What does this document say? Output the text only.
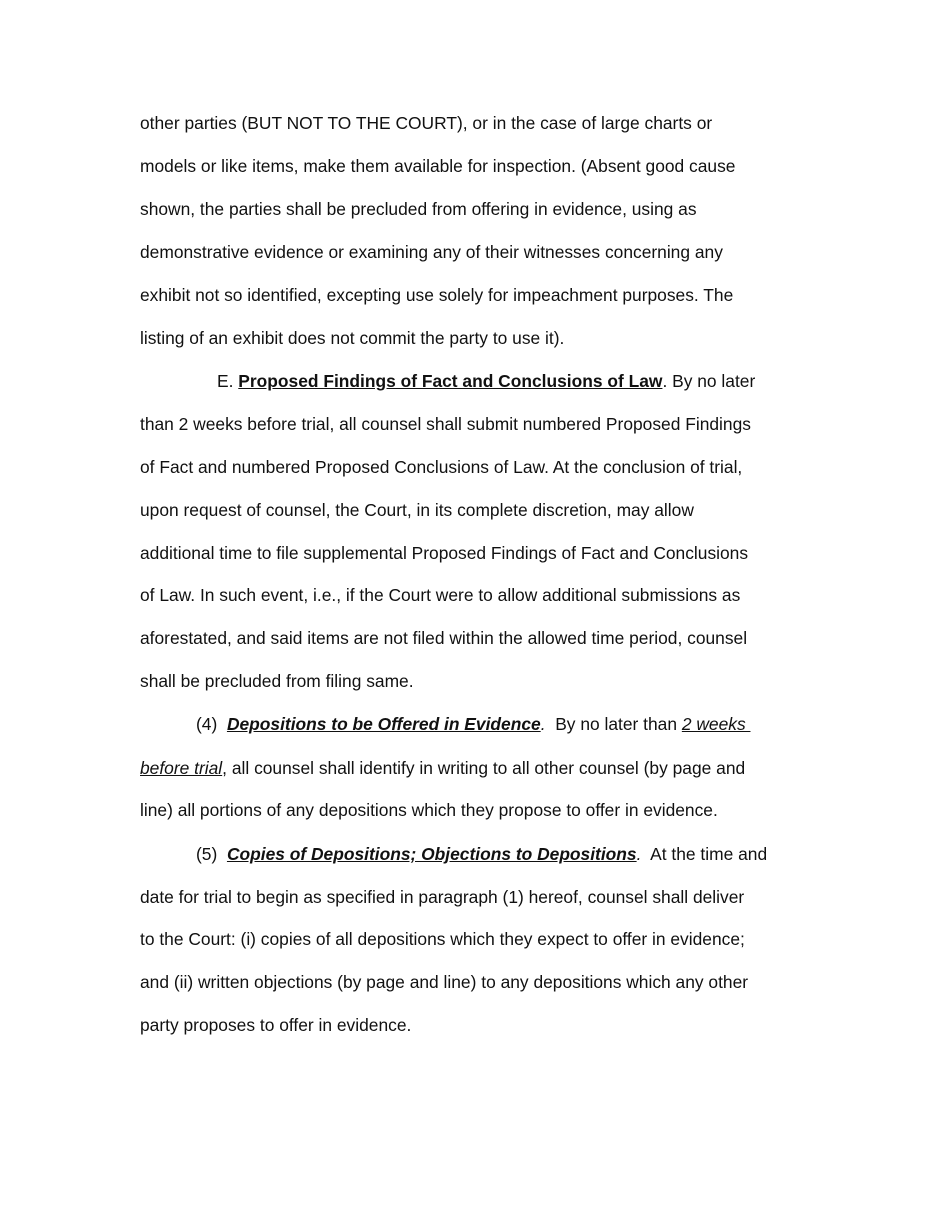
other parties (BUT NOT TO THE COURT), or in the case of large charts or
models or like items, make them available for inspection. (Absent good cause
shown, the parties shall be precluded from offering in evidence, using as
demonstrative evidence or examining any of their witnesses concerning any
exhibit not so identified, excepting use solely for impeachment purposes. The
listing of an exhibit does not commit the party to use it).
E. Proposed Findings of Fact and Conclusions of Law. By no later
than 2 weeks before trial, all counsel shall submit numbered Proposed Findings
of Fact and numbered Proposed Conclusions of Law. At the conclusion of trial,
upon request of counsel, the Court, in its complete discretion, may allow
additional time to file supplemental Proposed Findings of Fact and Conclusions
of Law. In such event, i.e., if the Court were to allow additional submissions as
aforestated, and said items are not filed within the allowed time period, counsel
shall be precluded from filing same.
(4) Depositions to be Offered in Evidence.  By no later than 2 weeks
before trial, all counsel shall identify in writing to all other counsel (by page and
line) all portions of any depositions which they propose to offer in evidence.
(5) Copies of Depositions; Objections to Depositions.  At the time and
date for trial to begin as specified in paragraph (1) hereof, counsel shall deliver
to the Court: (i) copies of all depositions which they expect to offer in evidence;
and (ii) written objections (by page and line) to any depositions which any other
party proposes to offer in evidence.
